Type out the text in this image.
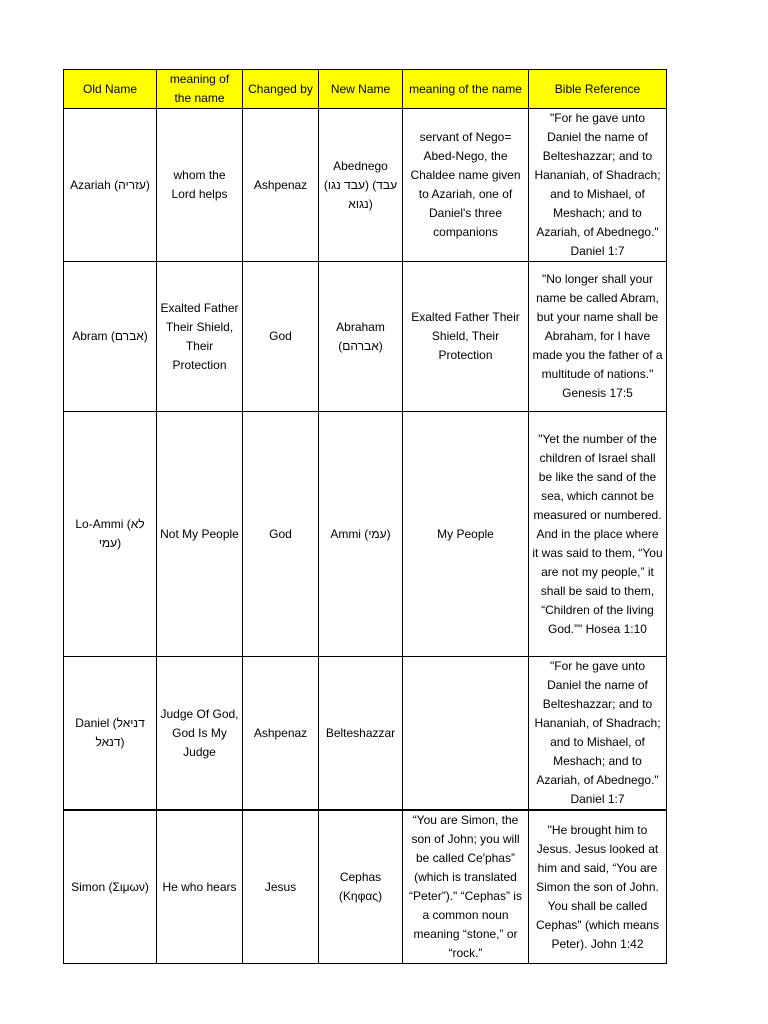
Old Name	meaning of the name	Changed by	New Name	meaning of the name	Bible Reference
Azariah (עזריה)	whom the Lord helps	Ashpenaz	Abednego (עבד נגו) (עבד נגוא)	servant of Nego= Abed-Nego, the Chaldee name given to Azariah, one of Daniel's three companions	"For he gave unto Daniel the name of Belteshazzar; and to Hananiah, of Shadrach; and to Mishael, of Meshach; and to Azariah, of Abednego." Daniel 1:7
Abram (אברם)	Exalted Father Their Shield, Their Protection	God	Abraham (אברהם)	Exalted Father Their Shield, Their Protection	"No longer shall your name be called Abram, but your name shall be Abraham, for I have made you the father of a multitude of nations." Genesis 17:5
Lo-Ammi (לא עמי)	Not My People	God	Ammi (עמי)	My People	"Yet the number of the children of Israel shall be like the sand of the sea, which cannot be measured or numbered. And in the place where it was said to them, “You are not my people,” it shall be said to them, “Children of the living God.”" Hosea 1:10
Daniel (דניאל דנאל)	Judge Of God, God Is My Judge	Ashpenaz	Belteshazzar		"For he gave unto Daniel the name of Belteshazzar; and to Hananiah, of Shadrach; and to Mishael, of Meshach; and to Azariah, of Abednego." Daniel 1:7
Simon (Σιμων)	He who hears	Jesus	Cephas (Κηφας)	“You are Simon, the son of John; you will be called Ce′phas” (which is translated “Peter”)." “Cephas” is a common noun meaning “stone,” or “rock.”	"He brought him to Jesus. Jesus looked at him and said, “You are Simon the son of John. You shall be called Cephas" (which means Peter). John 1:42
